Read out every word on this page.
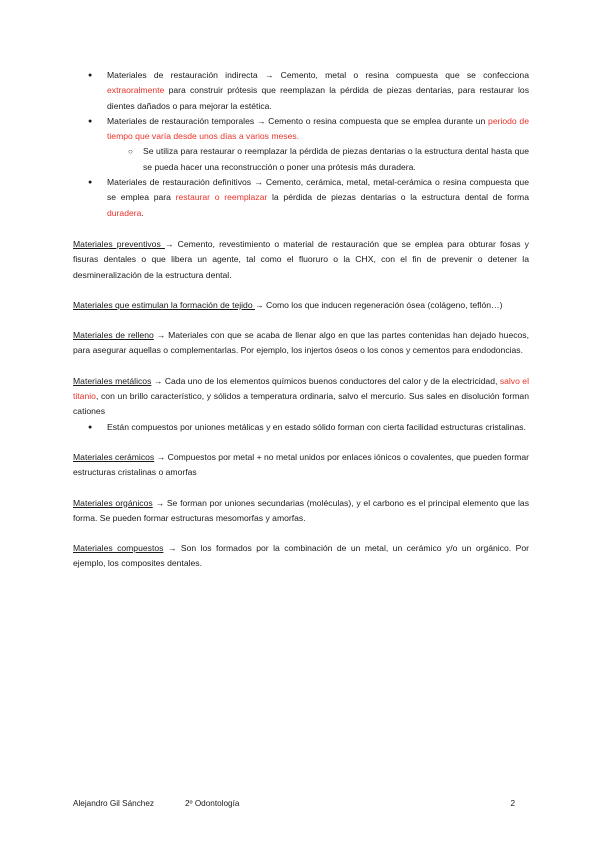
● Materiales de restauración indirecta → Cemento, metal o resina compuesta que se confecciona extraoralmente para construir prótesis que reemplazan la pérdida de piezas dentarias, para restaurar los dientes dañados o para mejorar la estética.
● Materiales de restauración temporales → Cemento o resina compuesta que se emplea durante un periodo de tiempo que varía desde unos días a varios meses.
○ Se utiliza para restaurar o reemplazar la pérdida de piezas dentarias o la estructura dental hasta que se pueda hacer una reconstrucción o poner una prótesis más duradera.
● Materiales de restauración definitivos → Cemento, cerámica, metal, metal-cerámica o resina compuesta que se emplea para restaurar o reemplazar la pérdida de piezas dentarias o la estructura dental de forma duradera.

Materiales preventivos → Cemento, revestimiento o material de restauración que se emplea para obturar fosas y fisuras dentales o que libera un agente, tal como el fluoruro o la CHX, con el fin de prevenir o detener la desmineralización de la estructura dental.

Materiales que estimulan la formación de tejido → Como los que inducen regeneración ósea (colágeno, teflón…)

Materiales de relleno → Materiales con que se acaba de llenar algo en que las partes contenidas han dejado huecos, para asegurar aquellas o complementarlas. Por ejemplo, los injertos óseos o los conos y cementos para endodoncias.

Materiales metálicos → Cada uno de los elementos químicos buenos conductores del calor y de la electricidad, salvo el titanio, con un brillo característico, y sólidos a temperatura ordinaria, salvo el mercurio. Sus sales en disolución forman cationes

● Están compuestos por uniones metálicas y en estado sólido forman con cierta facilidad estructuras cristalinas.

Materiales cerámicos → Compuestos por metal + no metal unidos por enlaces iónicos o covalentes, que pueden formar estructuras cristalinas o amorfas

Materiales orgánicos → Se forman por uniones secundarias (moléculas), y el carbono es el principal elemento que las forma. Se pueden formar estructuras mesomorfas y amorfas.

Materiales compuestos → Son los formados por la combinación de un metal, un cerámico y/o un orgánico. Por ejemplo, los composites dentales.

Alejandro Gil Sánchez	2º Odontología	2
